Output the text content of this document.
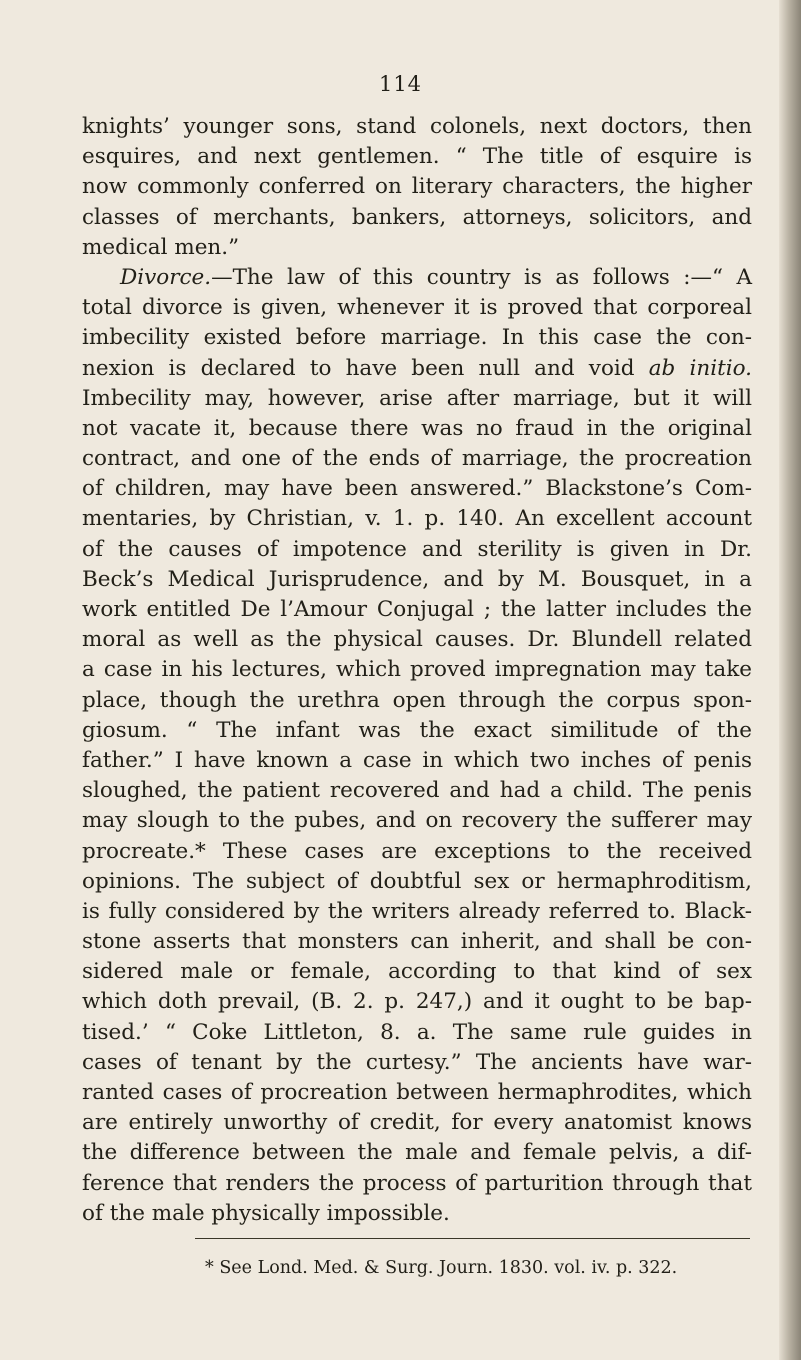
114
knights’ younger sons, stand colonels, next doctors, then
esquires, and next gentlemen. “ The title of esquire is
now commonly conferred on literary characters, the higher
classes of merchants, bankers, attorneys, solicitors, and
medical men.”
Divorce.—The law of this country is as follows :—“ A
total divorce is given, whenever it is proved that corporeal
imbecility existed before marriage. In this case the con-
nexion is declared to have been null and void ab initio.
Imbecility may, however, arise after marriage, but it will
not vacate it, because there was no fraud in the original
contract, and one of the ends of marriage, the procreation
of children, may have been answered.” Blackstone’s Com-
mentaries, by Christian, v. 1. p. 140. An excellent account
of the causes of impotence and sterility is given in Dr.
Beck’s Medical Jurisprudence, and by M. Bousquet, in a
work entitled De l’Amour Conjugal ; the latter includes the
moral as well as the physical causes. Dr. Blundell related
a case in his lectures, which proved impregnation may take
place, though the urethra open through the corpus spon-
giosum. “ The infant was the exact similitude of the
father.” I have known a case in which two inches of penis
sloughed, the patient recovered and had a child. The penis
may slough to the pubes, and on recovery the sufferer may
procreate.* These cases are exceptions to the received
opinions. The subject of doubtful sex or hermaphroditism,
is fully considered by the writers already referred to. Black-
stone asserts that monsters can inherit, and shall be con-
sidered male or female, according to that kind of sex
which doth prevail, (B. 2. p. 247,) and it ought to be bap-
tised.’ “ Coke Littleton, 8. a. The same rule guides in
cases of tenant by the curtesy.” The ancients have war-
ranted cases of procreation between hermaphrodites, which
are entirely unworthy of credit, for every anatomist knows
the difference between the male and female pelvis, a dif-
ference that renders the process of parturition through that
of the male physically impossible.
* See Lond. Med. & Surg. Journ. 1830. vol. iv. p. 322.
